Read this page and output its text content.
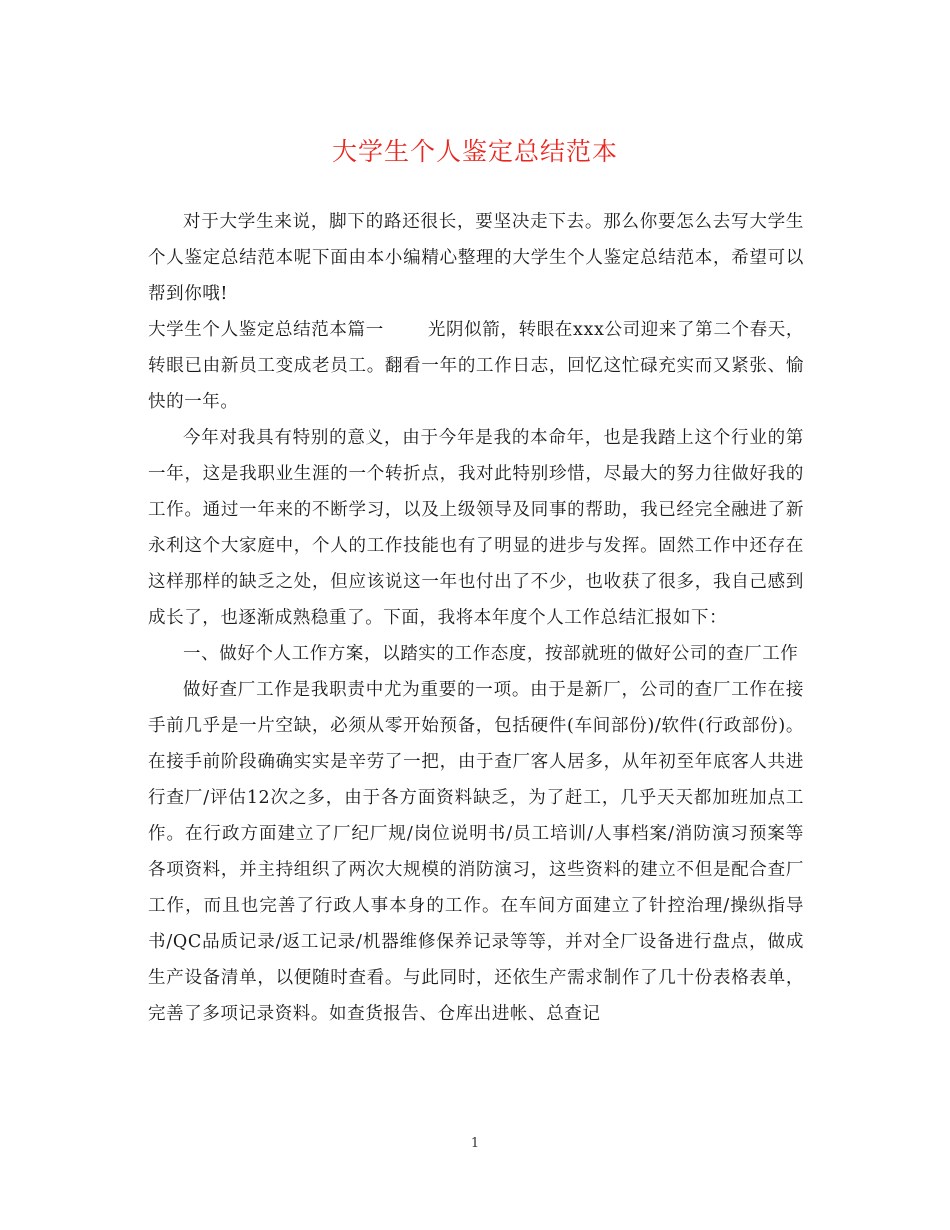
大学生个人鉴定总结范本

对于大学生来说，脚下的路还很长，要坚决走下去。那么你要怎么去写大学生个人鉴定总结范本呢下面由本小编精心整理的大学生个人鉴定总结范本，希望可以帮到你哦!

大学生个人鉴定总结范本篇一	光阴似箭，转眼在xxx公司迎来了第二个春天，转眼已由新员工变成老员工。翻看一年的工作日志，回忆这忙碌充实而又紧张、愉快的一年。

今年对我具有特别的意义，由于今年是我的本命年，也是我踏上这个行业的第一年，这是我职业生涯的一个转折点，我对此特别珍惜，尽最大的努力往做好我的工作。通过一年来的不断学习，以及上级领导及同事的帮助，我已经完全融进了新永利这个大家庭中，个人的工作技能也有了明显的进步与发挥。固然工作中还存在这样那样的缺乏之处，但应该说这一年也付出了不少，也收获了很多，我自己感到成长了，也逐渐成熟稳重了。下面，我将本年度个人工作总结汇报如下：

一、做好个人工作方案，以踏实的工作态度，按部就班的做好公司的查厂工作

做好查厂工作是我职责中尤为重要的一项。由于是新厂，公司的查厂工作在接手前几乎是一片空缺，必须从零开始预备，包括硬件(车间部份)/软件(行政部份)。在接手前阶段确确实实是辛劳了一把，由于查厂客人居多，从年初至年底客人共进行查厂/评估12次之多，由于各方面资料缺乏，为了赶工，几乎天天都加班加点工作。在行政方面建立了厂纪厂规/岗位说明书/员工培训/人事档案/消防演习预案等各项资料，并主持组织了两次大规模的消防演习，这些资料的建立不但是配合查厂工作，而且也完善了行政人事本身的工作。在车间方面建立了针控治理/操纵指导书/QC品质记录/返工记录/机器维修保养记录等等，并对全厂设备进行盘点，做成生产设备清单，以便随时查看。与此同时，还依生产需求制作了几十份表格表单，完善了多项记录资料。如查货报告、仓库出进帐、总查记

1
